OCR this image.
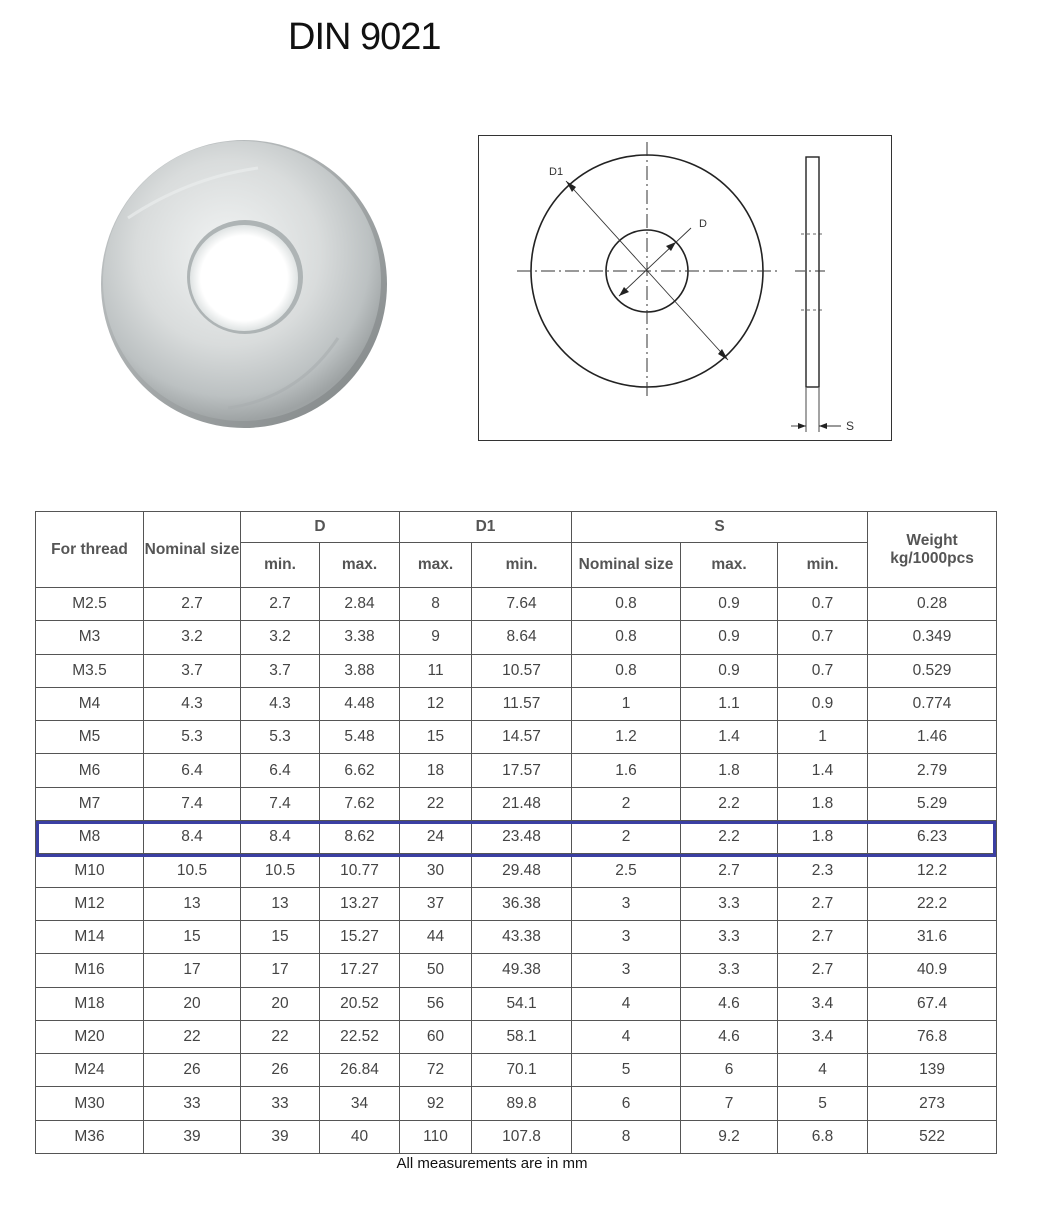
DIN 9021
D1
D
S
For thread	Nominal size	D		D1		S			Weight kg/1000pcs
		min.	max.	max.	min.	Nominal size	max.	min.	
M2.5	2.7	2.7	2.84	8	7.64	0.8	0.9	0.7	0.28
M3	3.2	3.2	3.38	9	8.64	0.8	0.9	0.7	0.349
M3.5	3.7	3.7	3.88	11	10.57	0.8	0.9	0.7	0.529
M4	4.3	4.3	4.48	12	11.57	1	1.1	0.9	0.774
M5	5.3	5.3	5.48	15	14.57	1.2	1.4	1	1.46
M6	6.4	6.4	6.62	18	17.57	1.6	1.8	1.4	2.79
M7	7.4	7.4	7.62	22	21.48	2	2.2	1.8	5.29
M8	8.4	8.4	8.62	24	23.48	2	2.2	1.8	6.23
M10	10.5	10.5	10.77	30	29.48	2.5	2.7	2.3	12.2
M12	13	13	13.27	37	36.38	3	3.3	2.7	22.2
M14	15	15	15.27	44	43.38	3	3.3	2.7	31.6
M16	17	17	17.27	50	49.38	3	3.3	2.7	40.9
M18	20	20	20.52	56	54.1	4	4.6	3.4	67.4
M20	22	22	22.52	60	58.1	4	4.6	3.4	76.8
M24	26	26	26.84	72	70.1	5	6	4	139
M30	33	33	34	92	89.8	6	7	5	273
M36	39	39	40	110	107.8	8	9.2	6.8	522
All measurements are in mm
